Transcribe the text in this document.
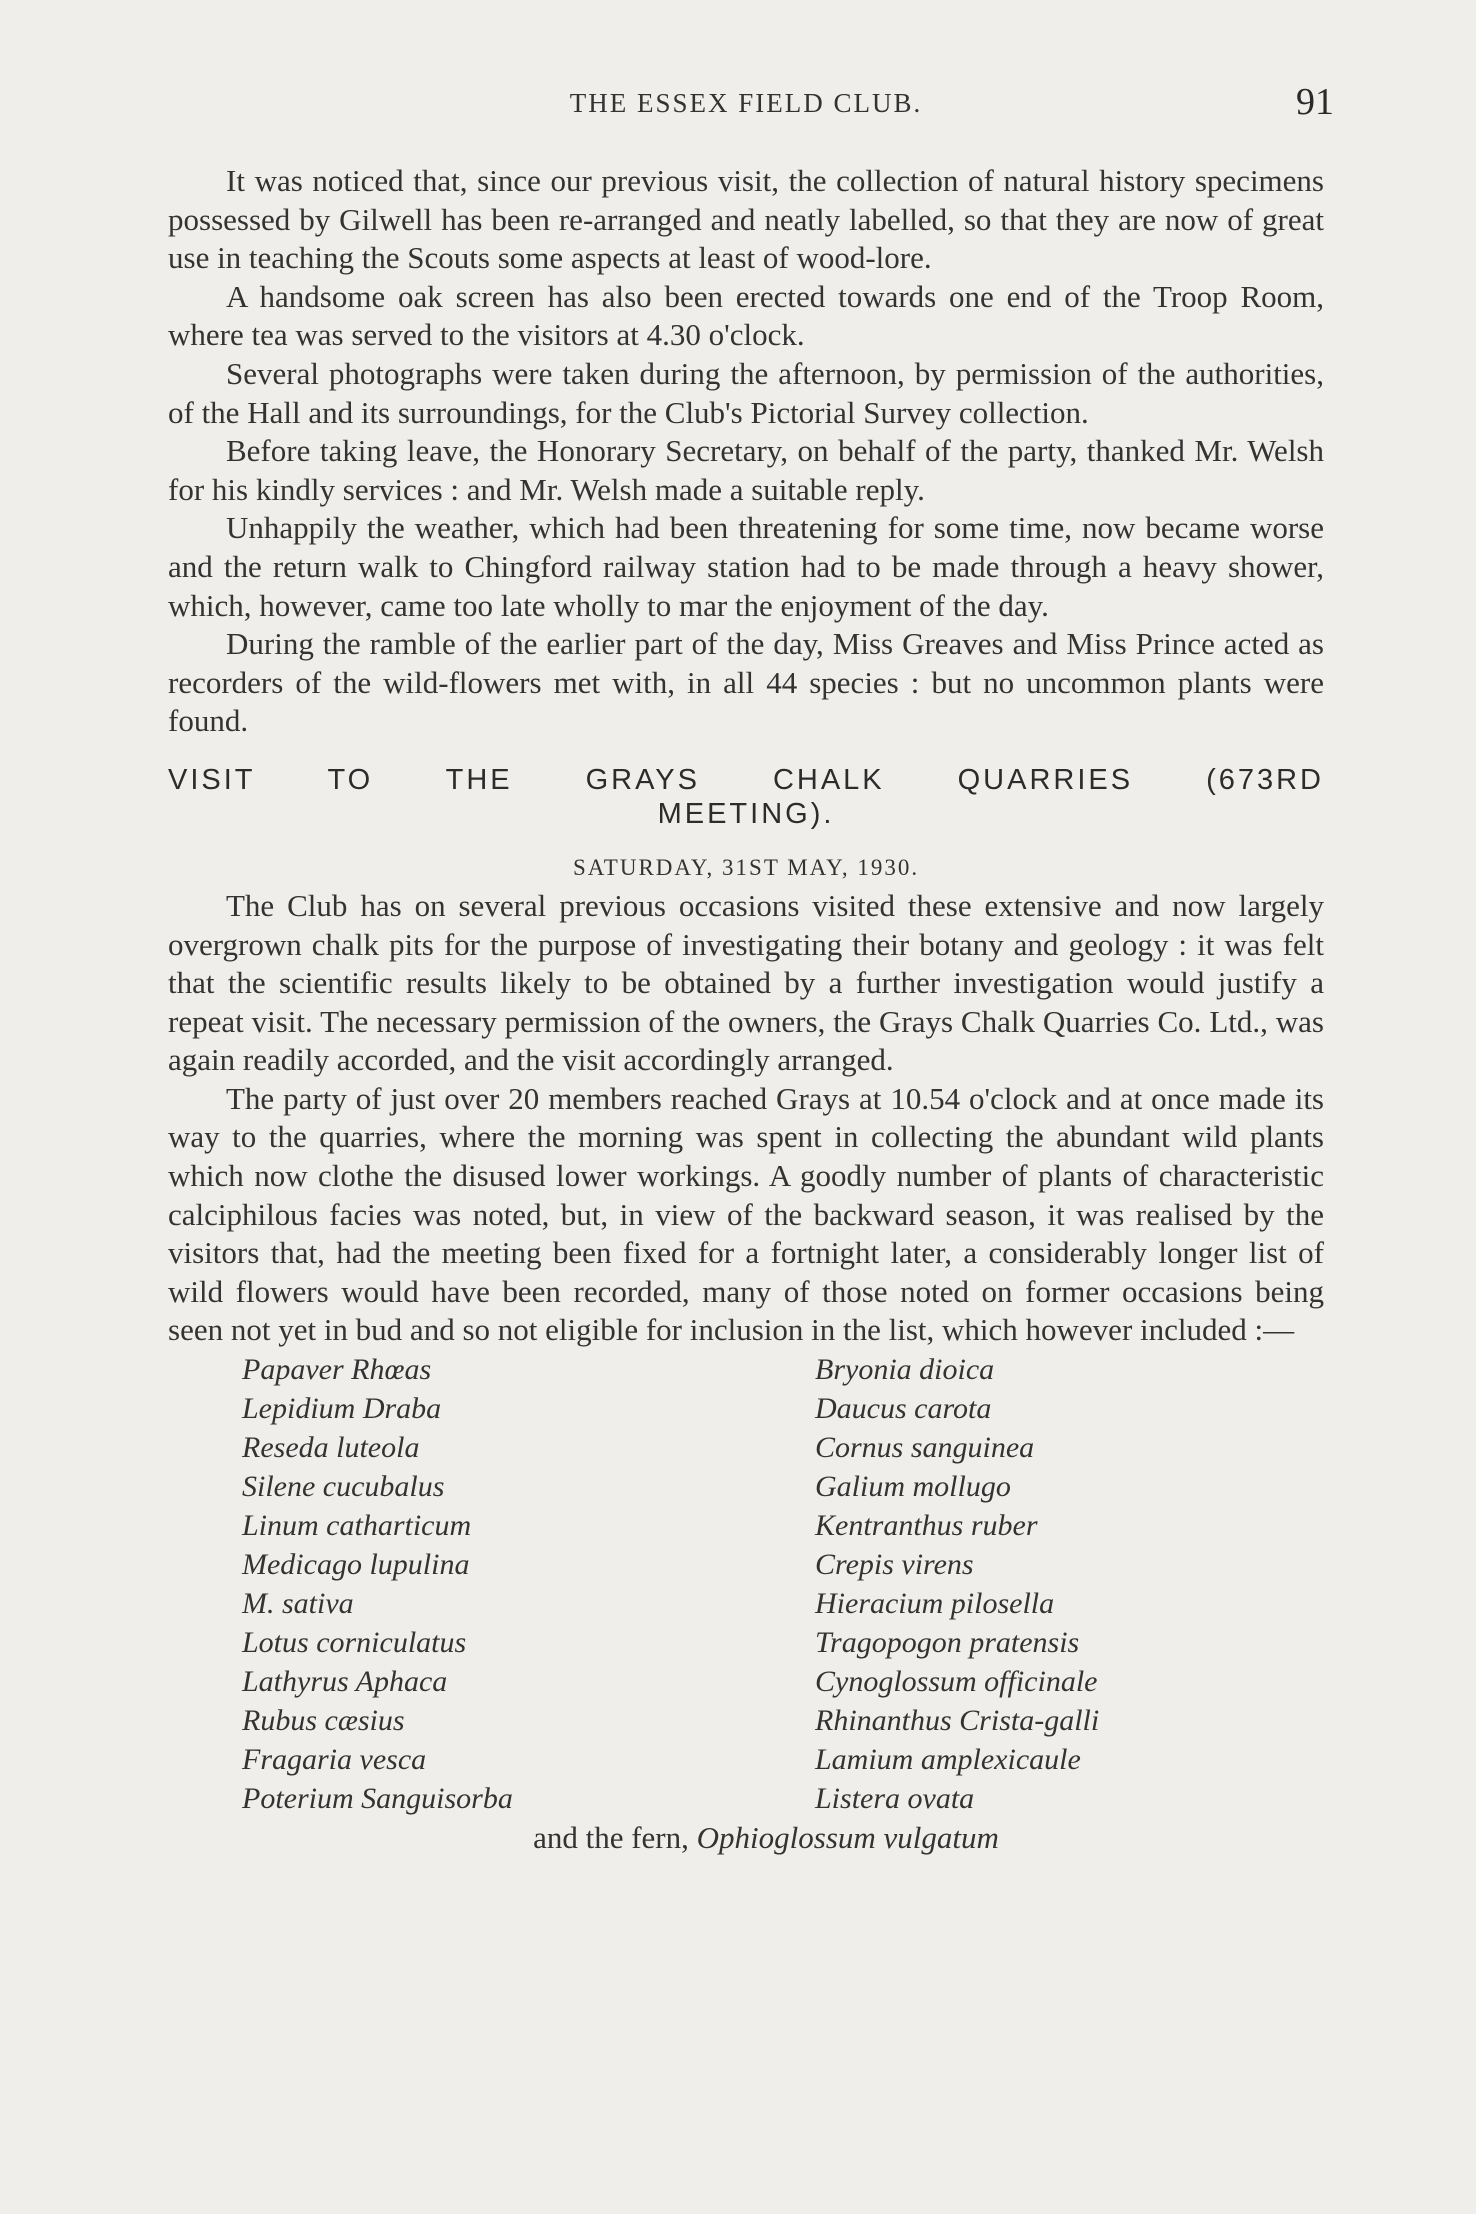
THE ESSEX FIELD CLUB.	91

It was noticed that, since our previous visit, the collection of natural history specimens possessed by Gilwell has been re-arranged and neatly labelled, so that they are now of great use in teaching the Scouts some aspects at least of wood-lore.

A handsome oak screen has also been erected towards one end of the Troop Room, where tea was served to the visitors at 4.30 o'clock.

Several photographs were taken during the afternoon, by permission of the authorities, of the Hall and its surroundings, for the Club's Pictorial Survey collection.

Before taking leave, the Honorary Secretary, on behalf of the party, thanked Mr. Welsh for his kindly services : and Mr. Welsh made a suitable reply.

Unhappily the weather, which had been threatening for some time, now became worse and the return walk to Chingford railway station had to be made through a heavy shower, which, however, came too late wholly to mar the enjoyment of the day.

During the ramble of the earlier part of the day, Miss Greaves and Miss Prince acted as recorders of the wild-flowers met with, in all 44 species : but no uncommon plants were found.

VISIT TO THE GRAYS CHALK QUARRIES (673RD
MEETING).
SATURDAY, 31ST MAY, 1930.

The Club has on several previous occasions visited these extensive and now largely overgrown chalk pits for the purpose of investigating their botany and geology : it was felt that the scientific results likely to be obtained by a further investigation would justify a repeat visit. The necessary permission of the owners, the Grays Chalk Quarries Co. Ltd., was again readily accorded, and the visit accordingly arranged.

The party of just over 20 members reached Grays at 10.54 o'clock and at once made its way to the quarries, where the morning was spent in collecting the abundant wild plants which now clothe the disused lower workings. A goodly number of plants of characteristic calciphilous facies was noted, but, in view of the backward season, it was realised by the visitors that, had the meeting been fixed for a fortnight later, a considerably longer list of wild flowers would have been recorded, many of those noted on former occasions being seen not yet in bud and so not eligible for inclusion in the list, which however included :—

Papaver Rhœas	Bryonia dioica
Lepidium Draba	Daucus carota
Reseda luteola	Cornus sanguinea
Silene cucubalus	Galium mollugo
Linum catharticum	Kentranthus ruber
Medicago lupulina	Crepis virens
M. sativa	Hieracium pilosella
Lotus corniculatus	Tragopogon pratensis
Lathyrus Aphaca	Cynoglossum officinale
Rubus cæsius	Rhinanthus Crista-galli
Fragaria vesca	Lamium amplexicaule
Poterium Sanguisorba	Listera ovata
and the fern, Ophioglossum vulgatum
